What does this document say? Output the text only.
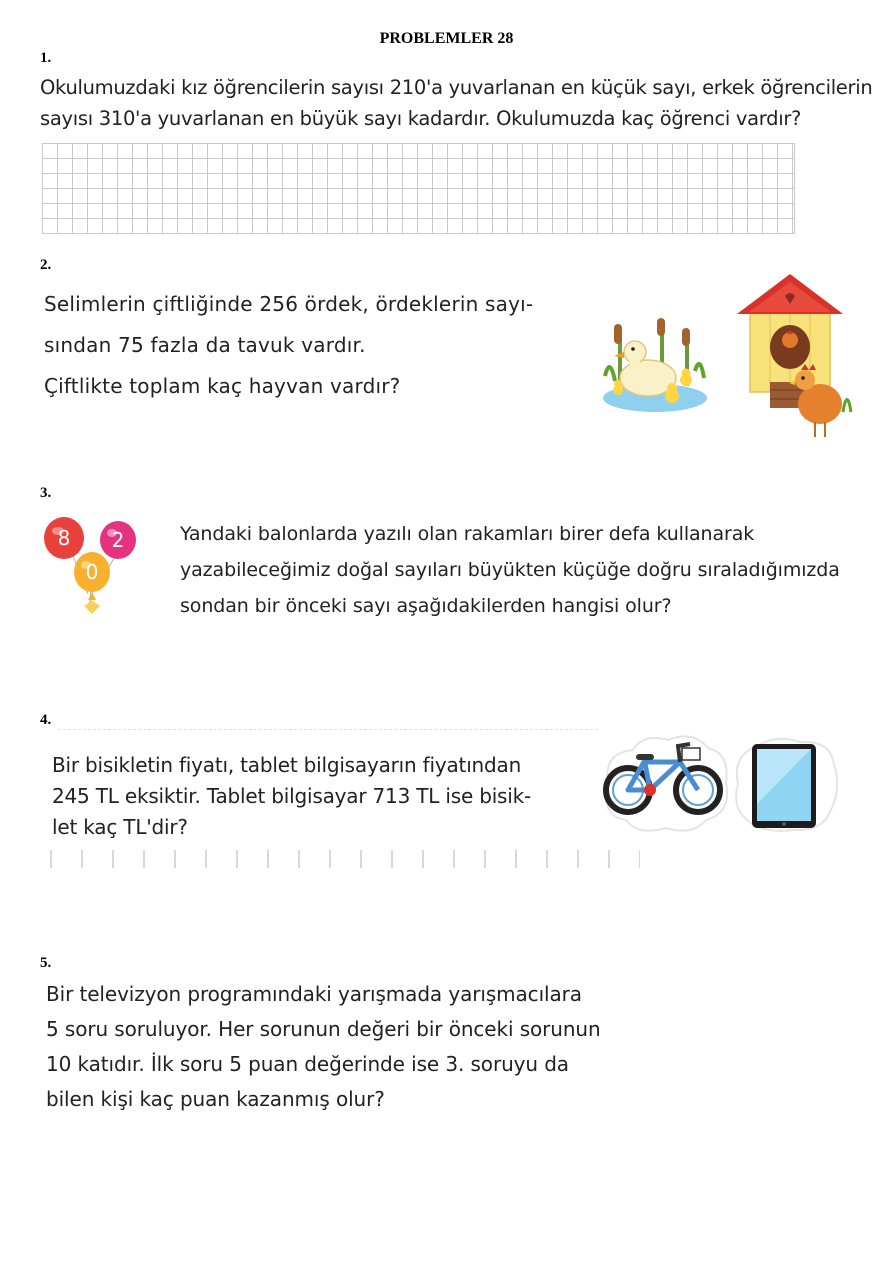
PROBLEMLER 28
1.
Okulumuzdaki kız öğrencilerin sayısı 210'a yuvarlanan en küçük sayı, erkek öğrencilerin
sayısı 310'a yuvarlanan en büyük sayı kadardır. Okulumuzda kaç öğrenci vardır?
2.
Selimlerin çiftliğinde 256 ördek, ördeklerin sayı-
sından 75 fazla da tavuk vardır.
Çiftlikte toplam kaç hayvan vardır?
3.
8 2
0
Yandaki balonlarda yazılı olan rakamları birer defa kullanarak
yazabileceğimiz doğal sayıları büyükten küçüğe doğru sıraladığımızda
sondan bir önceki sayı aşağıdakilerden hangisi olur?
4.
Bir bisikletin fiyatı, tablet bilgisayarın fiyatından
245 TL eksiktir. Tablet bilgisayar 713 TL ise bisik-
let kaç TL'dir?
5.
Bir televizyon programındaki yarışmada yarışmacılara
5 soru soruluyor. Her sorunun değeri bir önceki sorunun
10 katıdır. İlk soru 5 puan değerinde ise 3. soruyu da
bilen kişi kaç puan kazanmış olur?
